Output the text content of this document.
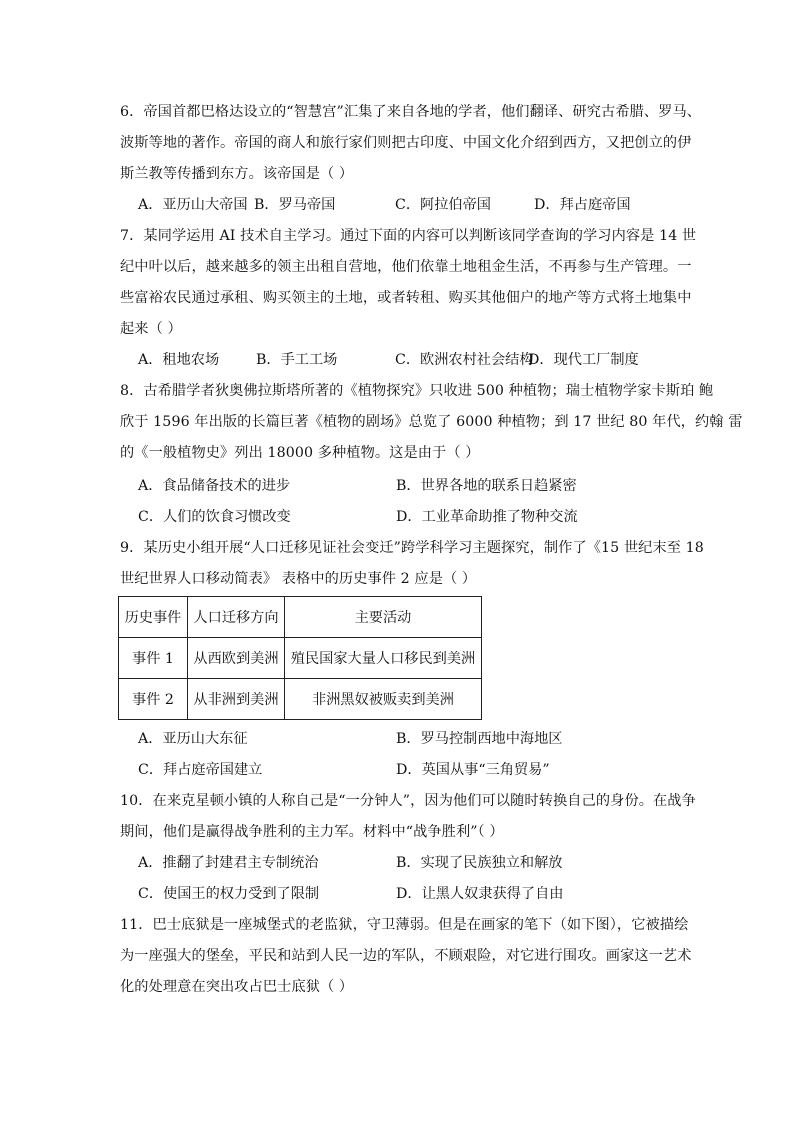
6．帝国首都巴格达设立的“智慧宫”汇集了来自各地的学者，他们翻译、研究古希腊、罗马、
波斯等地的著作。帝国的商人和旅行家们则把古印度、中国文化介绍到西方，又把创立的伊
斯兰教等传播到东方。该帝国是（ ）
A．亚历山大帝国 B．罗马帝国	C．阿拉伯帝国	D．拜占庭帝国
7．某同学运用 AI 技术自主学习。通过下面的内容可以判断该同学查询的学习内容是 14 世
纪中叶以后，越来越多的领主出租自营地，他们依靠土地租金生活，不再参与生产管理。一
些富裕农民通过承租、购买领主的土地，或者转租、购买其他佃户的地产等方式将土地集中
起来（ ）
A．租地农场	B．手工工场	C．欧洲农村社会结构
D．现代工厂制度
8．古希腊学者狄奥佛拉斯塔所著的《植物探究》只收进 500 种植物；瑞士植物学家卡斯珀 鲍
欣于 1596 年出版的长篇巨著《植物的剧场》总览了 6000 种植物；到 17 世纪 80 年代，约翰 雷
的《一般植物史》列出 18000 多种植物。这是由于（ ）
A．食品储备技术的进步	B．世界各地的联系日趋紧密
C．人们的饮食习惯改变	D．工业革命助推了物种交流
9．某历史小组开展“人口迁移见证社会变迁”跨学科学习主题探究，制作了《15 世纪末至 18
世纪世界人口移动简表》 表格中的历史事件 2 应是（ ）
历史事件	人口迁移方向	主要活动
事件 1	从西欧到美洲	殖民国家大量人口移民到美洲
事件 2	从非洲到美洲	非洲黑奴被贩卖到美洲
A．亚历山大东征	B．罗马控制西地中海地区
C．拜占庭帝国建立	D．英国从事“三角贸易”
10．在来克星顿小镇的人称自己是“一分钟人”，因为他们可以随时转换自己的身份。在战争
期间，他们是赢得战争胜利的主力军。材料中“战争胜利”（ ）
A．推翻了封建君主专制统治	B．实现了民族独立和解放
C．使国王的权力受到了限制	D．让黑人奴隶获得了自由
11．巴士底狱是一座城堡式的老监狱，守卫薄弱。但是在画家的笔下（如下图），它被描绘
为一座强大的堡垒，平民和站到人民一边的军队，不顾艰险，对它进行围攻。画家这一艺术
化的处理意在突出攻占巴士底狱（ ）
